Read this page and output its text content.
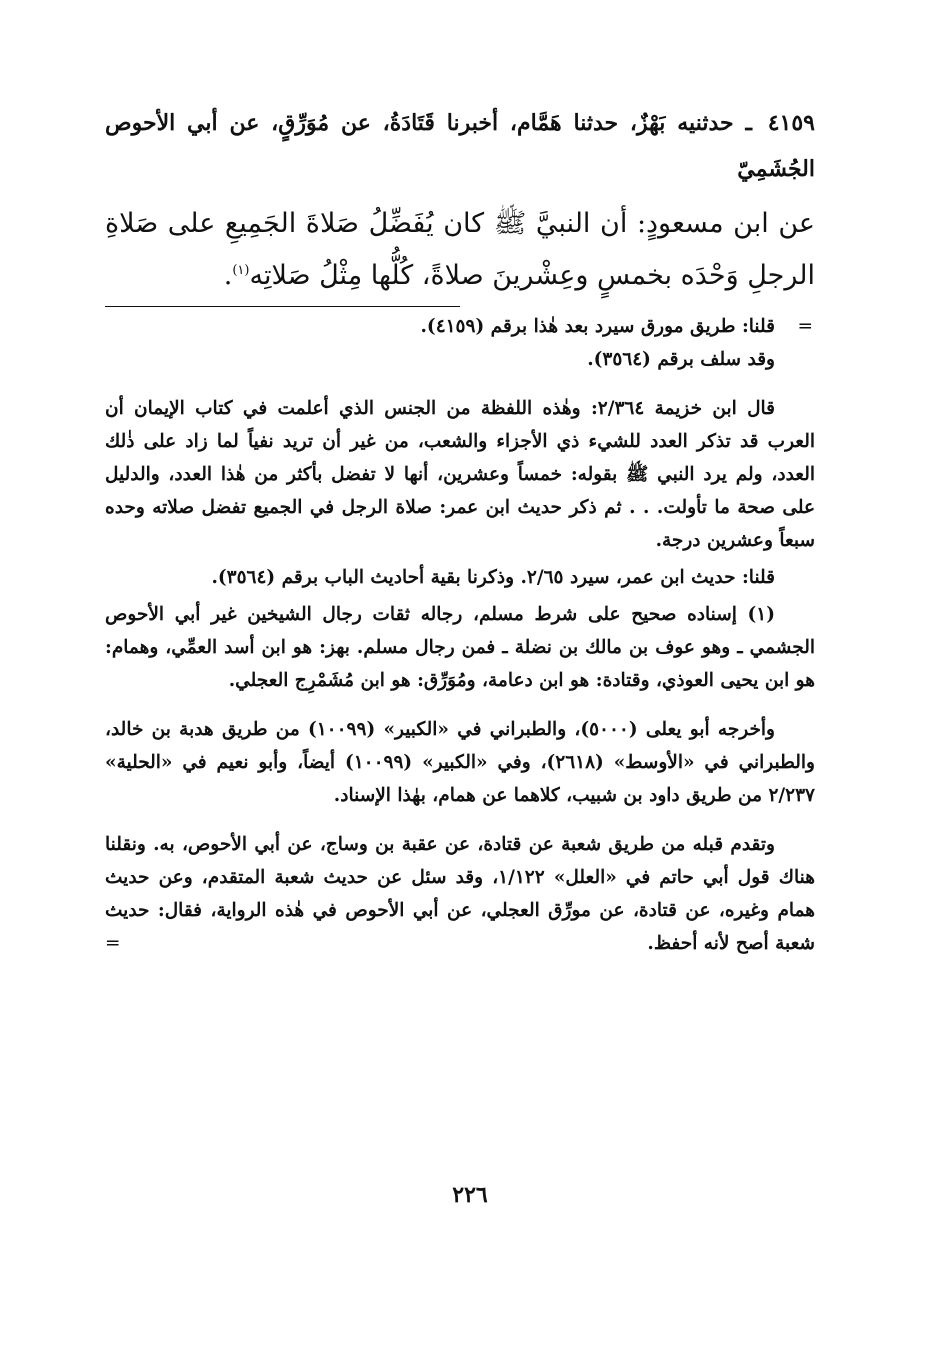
٤١٥٩ ـ حدثنيه بَهْزٌ، حدثنا هَمَّام، أخبرنا قَتَادَةُ، عن مُوَرِّقٍ، عن أبي الأحوص الجُشَمِيّ

عن ابن مسعودٍ: أن النبيَّ ﷺ كان يُفَضِّلُ صَلاةَ الجَمِيعِ على صَلاةِ الرجلِ وَحْدَه بخمسٍ وعِشْرينَ صلاةً، كُلُّها مِثْلُ صَلاتِه$^{(١)}$.

=
قلنا: طريق مورق سيرد بعد هٰذا برقم (٤١٥٩).

وقد سلف برقم (٣٥٦٤).

قال ابن خزيمة ٢/٣٦٤: وهٰذه اللفظة من الجنس الذي أعلمت في كتاب الإيمان أن العرب قد تذكر العدد للشيء ذي الأجزاء والشعب، من غير أن تريد نفياً لما زاد على ذٰلك العدد، ولم يرد النبي ﷺ بقوله: خمساً وعشرين، أنها لا تفضل بأكثر من هٰذا العدد، والدليل على صحة ما تأولت. . . ثم ذكر حديث ابن عمر: صلاة الرجل في الجميع تفضل صلاته وحده سبعاً وعشرين درجة.

قلنا: حديث ابن عمر، سيرد ٢/٦٥. وذكرنا بقية أحاديث الباب برقم (٣٥٦٤).

(١) إسناده صحيح على شرط مسلم، رجاله ثقات رجال الشيخين غير أبي الأحوص الجشمي ـ وهو عوف بن مالك بن نضلة ـ فمن رجال مسلم. بهز: هو ابن أسد العمِّي، وهمام: هو ابن يحيى العوذي، وقتادة: هو ابن دعامة، ومُوَرِّق: هو ابن مُشَمْرِج العجلي.

وأخرجه أبو يعلى (٥٠٠٠)، والطبراني في «الكبير» (١٠٠٩٩) من طريق هدبة بن خالد، والطبراني في «الأوسط» (٢٦١٨)، وفي «الكبير» (١٠٠٩٩) أيضاً، وأبو نعيم في «الحلية» ٢/٢٣٧ من طريق داود بن شبيب، كلاهما عن همام، بهٰذا الإسناد.

وتقدم قبله من طريق شعبة عن قتادة، عن عقبة بن وساج، عن أبي الأحوص، به. ونقلنا هناك قول أبي حاتم في «العلل» ١/١٢٢، وقد سئل عن حديث شعبة المتقدم، وعن حديث همام وغيره، عن قتادة، عن مورِّق العجلي، عن أبي الأحوص في هٰذه الرواية، فقال: حديث شعبة أصح لأنه أحفظ.
=

٢٢٦
